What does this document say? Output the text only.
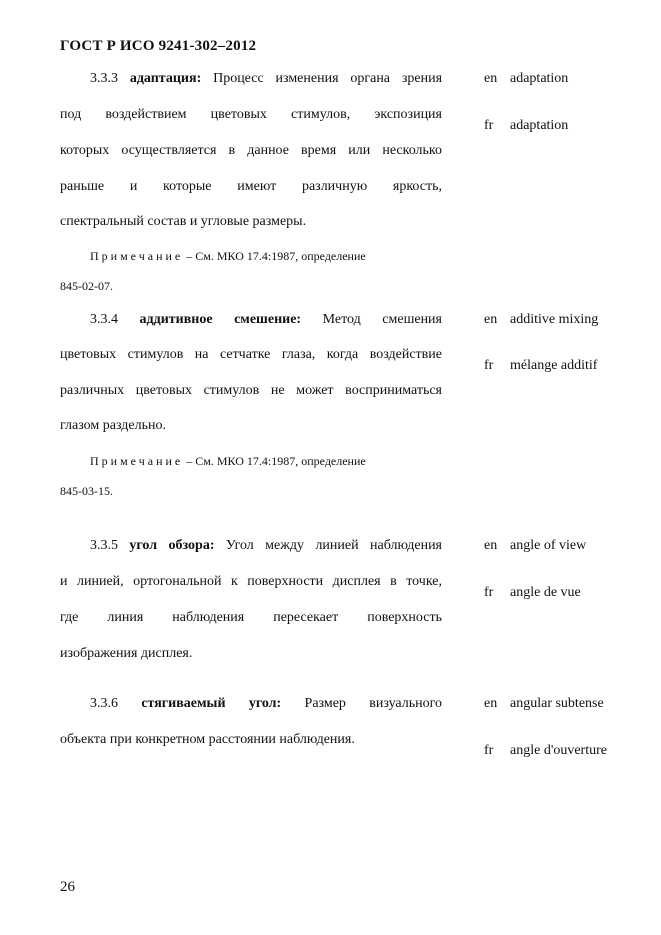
ГОСТ Р ИСО 9241-302–2012
3.3.3 адаптация: Процесс изменения органа зрения
под воздействием цветовых стимулов, экспозиция
которых осуществляется в данное время или несколько
раньше и которые имеют различную яркость,
спектральный состав и угловые размеры.
Примечание – См. МКО 17.4:1987, определение
845-02-07.
en adaptation
fr adaptation
3.3.4 аддитивное смешение: Метод смешения
цветовых стимулов на сетчатке глаза, когда воздействие
различных цветовых стимулов не может восприниматься
глазом раздельно.
Примечание – См. МКО 17.4:1987, определение
845-03-15.
en additive mixing
fr mélange additif
3.3.5 угол обзора: Угол между линией наблюдения
и линией, ортогональной к поверхности дисплея в точке,
где линия наблюдения пересекает поверхность
изображения дисплея.
en angle of view
fr angle de vue
3.3.6 стягиваемый угол: Размер визуального
объекта при конкретном расстоянии наблюдения.
en angular subtense
fr angle d'ouverture
26
